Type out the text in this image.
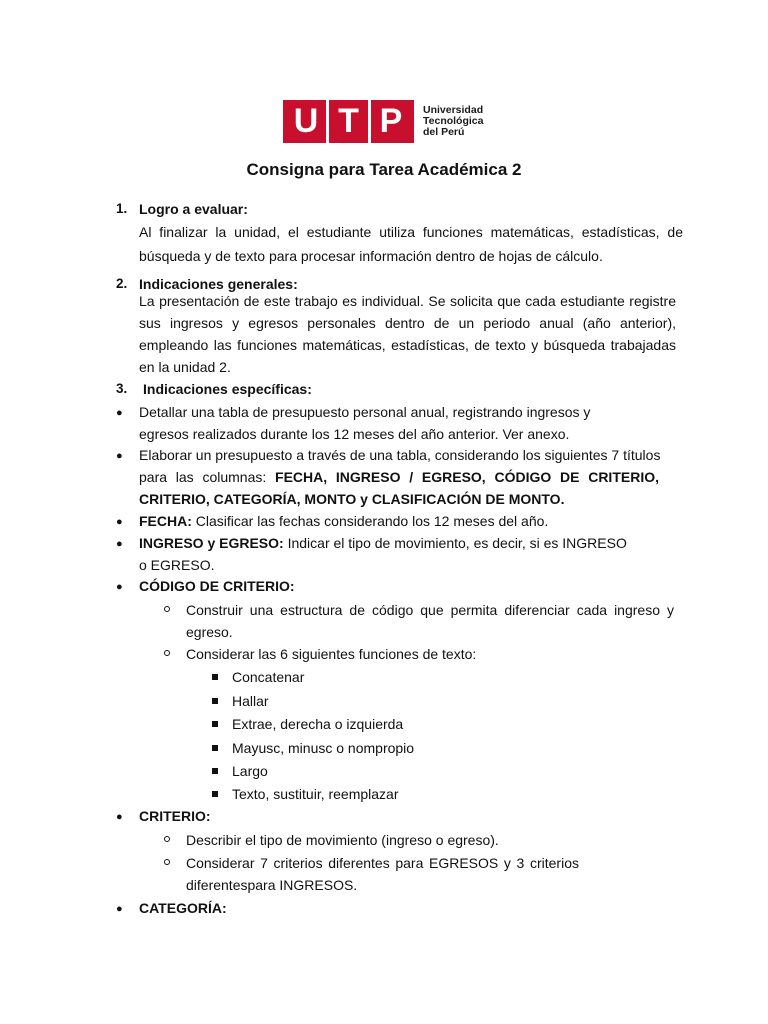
U T P	Universidad
Tecnológica
del Perú
Consigna para Tarea Académica 2
1. Logro a evaluar:
Al finalizar la unidad, el estudiante utiliza funciones matemáticas, estadísticas, de
búsqueda y de texto para procesar información dentro de hojas de cálculo.
2. Indicaciones generales:
La presentación de este trabajo es individual. Se solicita que cada estudiante registre
sus ingresos y egresos personales dentro de un periodo anual (año anterior),
empleando las funciones matemáticas, estadísticas, de texto y búsqueda trabajadas
en la unidad 2.
3. Indicaciones específicas:
● Detallar una tabla de presupuesto personal anual, registrando ingresos y
egresos realizados durante los 12 meses del año anterior. Ver anexo.
● Elaborar un presupuesto a través de una tabla, considerando los siguientes 7 títulos
para las columnas: FECHA, INGRESO / EGRESO, CÓDIGO DE CRITERIO,
CRITERIO, CATEGORÍA, MONTO y CLASIFICACIÓN DE MONTO.
● FECHA: Clasificar las fechas considerando los 12 meses del año.
● INGRESO y EGRESO: Indicar el tipo de movimiento, es decir, si es INGRESO
o EGRESO.
● CÓDIGO DE CRITERIO:
Construir una estructura de código que permita diferenciar cada ingreso y
egreso.
Considerar las 6 siguientes funciones de texto:
Concatenar
Hallar
Extrae, derecha o izquierda
Mayusc, minusc o nompropio
Largo
Texto, sustituir, reemplazar
● CRITERIO:
Describir el tipo de movimiento (ingreso o egreso).
Considerar 7 criterios diferentes para EGRESOS y 3 criterios
diferentespara INGRESOS.
● CATEGORÍA:
